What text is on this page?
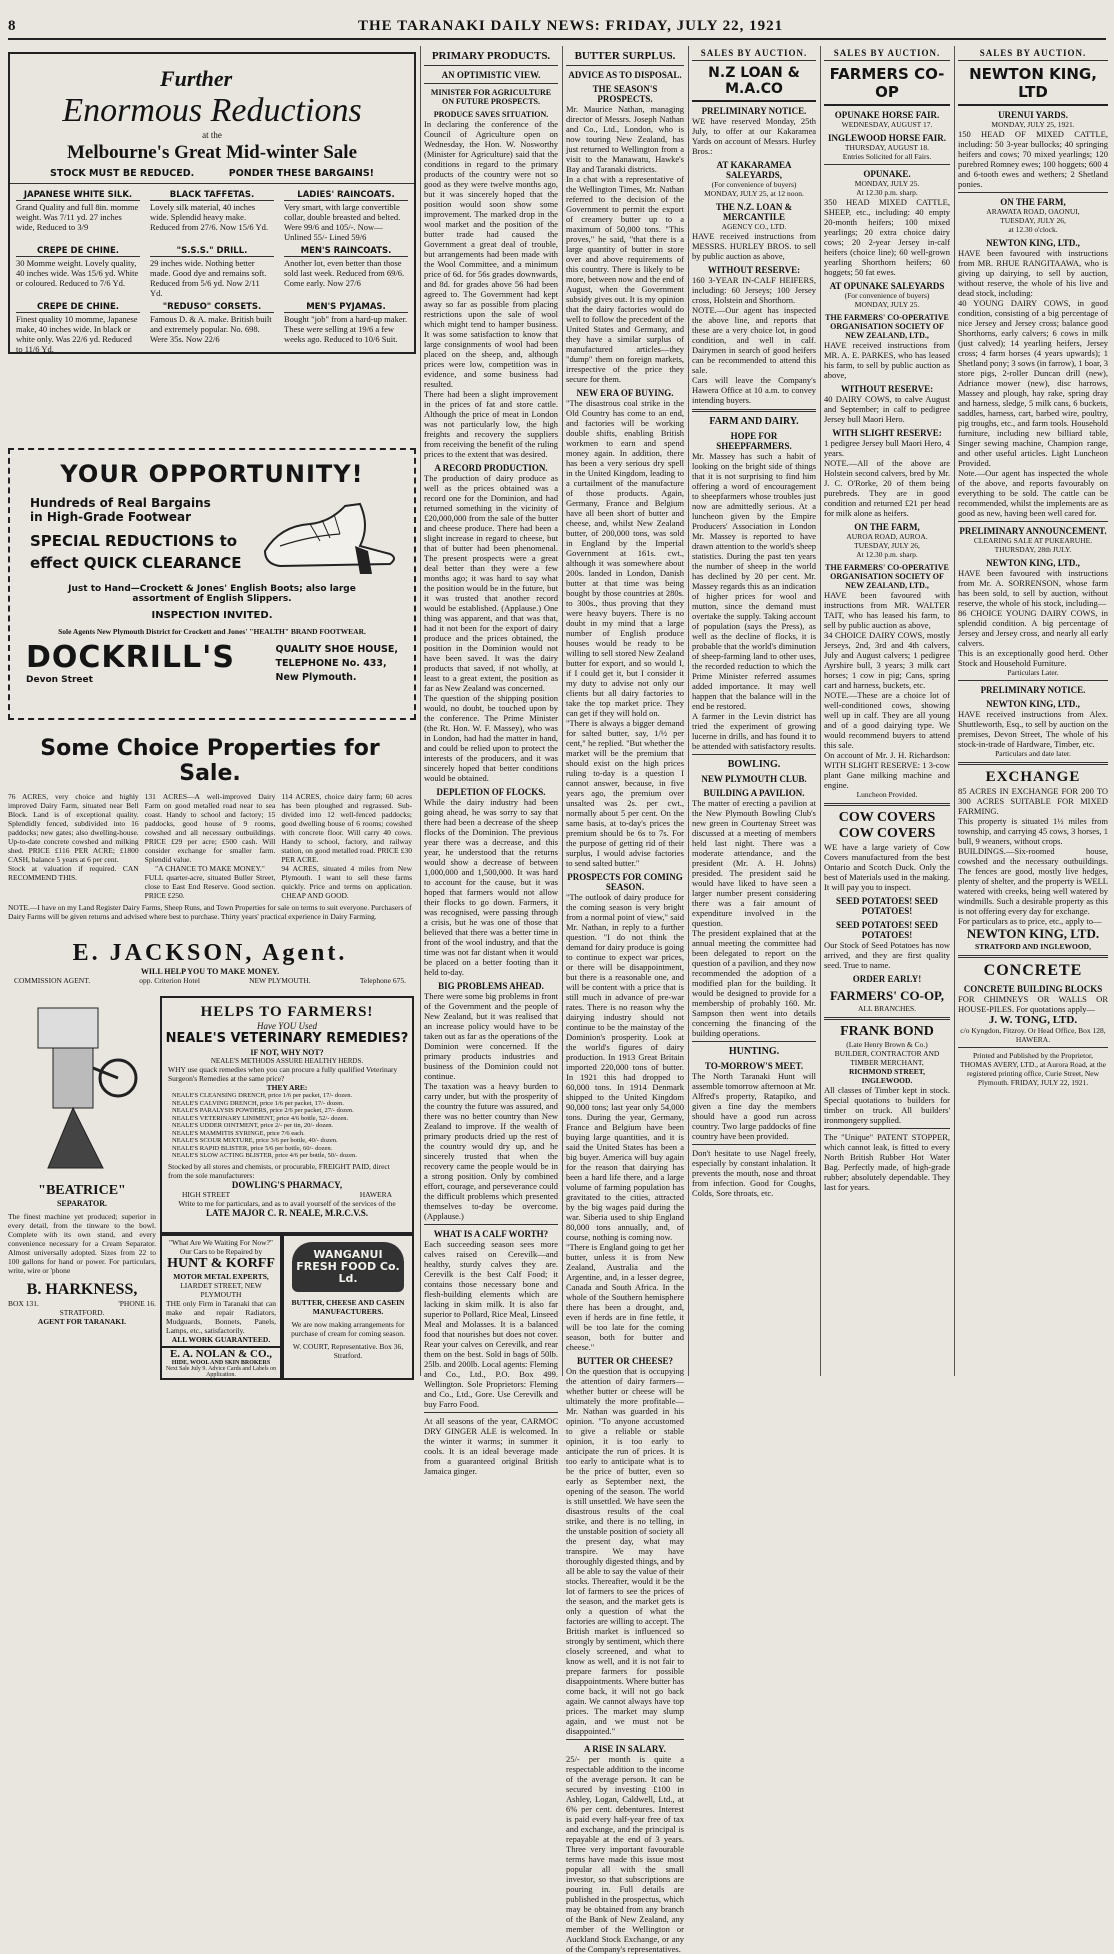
8	THE TARANAKI DAILY NEWS: FRIDAY, JULY 22, 1921
Further
Enormous Reductions
at the
Melbourne's Great Mid-winter Sale
STOCK MUST BE REDUCED.	PONDER THESE BARGAINS!
JAPANESE WHITE SILK.
Grand Quality and full 8in. momme weight. Was 7/11 yd. 27 inches wide, Reduced to 3/9
BLACK TAFFETAS.
Lovely silk material, 40 inches wide. Splendid heavy make. Reduced from 27/6. Now 15/6 Yd.
LADIES' RAINCOATS.
Very smart, with large convertible collar, double breasted and belted. Were 99/6 and 105/-. Now— Unlined 55/- Lined 59/6
CREPE DE CHINE.
30 Momme weight. Lovely quality, 40 inches wide. Was 15/6 yd. White or coloured. Reduced to 7/6 Yd.
"S.S.S." DRILL.
29 inches wide. Nothing better made. Good dye and remains soft. Reduced from 5/6 yd. Now 2/11 Yd.
MEN'S RAINCOATS.
Another lot, even better than those sold last week. Reduced from 69/6. Come early. Now 27/6
CREPE DE CHINE.
Finest quality 10 momme, Japanese make, 40 inches wide. In black or white only. Was 22/6 yd. Reduced to 11/6 Yd.
"REDUSO" CORSETS.
Famous D. & A. make. British built and extremely popular. No. 698. Were 35s. Now 22/6
MEN'S PYJAMAS.
Bought "job" from a hard-up maker. These were selling at 19/6 a few weeks ago. Reduced to 10/6 Suit.
YOUR OPPORTUNITY!
Hundreds of Real Bargains
in High-Grade Footwear
SPECIAL REDUCTIONS to
effect QUICK CLEARANCE
Just to Hand—Crockett & Jones' English Boots; also large assortment of English Slippers.
INSPECTION INVITED.
Sole Agents New Plymouth District for Crockett and Jones' "HEALTH" BRAND FOOTWEAR.
DOCKRILL'S
Devon Street
QUALITY SHOE HOUSE,
TELEPHONE No. 433,
New Plymouth.
Some Choice Properties for Sale.
76 ACRES, very choice and highly improved Dairy Farm, situated near Bell Block. Land is of exceptional quality. Splendidly fenced, subdivided into 16 paddocks; new gates; also dwelling-house. Up-to-date concrete cowshed and milking shed. PRICE £116 PER ACRE; £1800 CASH, balance 5 years at 6 per cent.
Stock at valuation if required. CAN RECOMMEND THIS.
131 ACRES—A well-improved Dairy Farm on good metalled road near to sea coast. Handy to school and factory; 15 paddocks, good house of 9 rooms, cowshed and all necessary outbuildings. PRICE £29 per acre; £500 cash. Will consider exchange for smaller farm. Splendid value.
"A CHANCE TO MAKE MONEY."
FULL quarter-acre, situated Buller Street, close to East End Reserve. Good section. PRICE £250.
114 ACRES, choice dairy farm; 60 acres has been ploughed and regrassed. Sub-divided into 12 well-fenced paddocks; good dwelling house of 6 rooms; cowshed with concrete floor. Will carry 40 cows. Handy to school, factory, and railway station, on good metalled road. PRICE £30 PER ACRE.
94 ACRES, situated 4 miles from New Plymouth. I want to sell these farms quickly. Price and terms on application. CHEAP AND GOOD.
NOTE.—I have on my Land Register Dairy Farms, Sheep Runs, and Town Properties for sale on terms to suit everyone. Purchasers of Dairy Farms will be given returns and advised where best to purchase. Thirty years' practical experience in Dairy Farming.
E. JACKSON, Agent.
WILL HELP YOU TO MAKE MONEY.
COMMISSION AGENT.	opp. Criterion Hotel	NEW PLYMOUTH.	Telephone 675.
"BEATRICE"
SEPARATOR.
The finest machine yet produced; superior in every detail, from the tinware to the bowl. Complete with its own stand, and every convenience necessary for a Cream Separator. Almost universally adopted. Sizes from 22 to 100 gallons for hand or power. For particulars, write, wire or 'phone
B. HARKNESS,
BOX 131.	'PHONE 16.
STRATFORD.
AGENT FOR TARANAKI.
HELPS TO FARMERS!
Have YOU Used
NEALE'S VETERINARY REMEDIES?
IF NOT, WHY NOT?
NEALE'S METHODS ASSURE HEALTHY HERDS.
WHY use quack remedies when you can procure a fully qualified Veterinary Surgeon's Remedies at the same price?
THEY ARE:
NEALE'S CLEANSING DRENCH, price 1/6 per packet, 17/- dozen.
NEALE'S CALVING DRENCH, price 1/6 per packet, 17/- dozen.
NEALE'S PARALYSIS POWDERS, price 2/6 per packet, 27/- dozen.
NEALE'S VETERINARY LINIMENT, price 4/6 bottle, 52/- dozen.
NEALE'S UDDER OINTMENT, price 2/- per tin, 20/- dozen.
NEALE'S MAMMITIS SYRINGE, price 7/6 each.
NEALE'S SCOUR MIXTURE, price 3/6 per bottle, 40/- dozen.
NEALE'S RAPID BLISTER, price 5/6 per bottle, 60/- dozen.
NEALE'S SLOW ACTING BLISTER, price 4/6 per bottle, 50/- dozen.
Stocked by all stores and chemists, or procurable, FREIGHT PAID, direct from the sole manufacturers:
DOWLING'S PHARMACY,
HIGH STREET	HAWERA
Write to me for particulars, and as to avail yourself of the services of the
LATE MAJOR C. R. NEALE, M.R.C.V.S.
"What Are We Waiting For Now?"
Our Cars to be Repaired by
HUNT & KORFF
MOTOR METAL EXPERTS,
LIARDET STREET, NEW PLYMOUTH
THE only Firm in Taranaki that can make and repair Radiators, Mudguards, Bonnets, Panels, Lamps, etc., satisfactorily.
ALL WORK GUARANTEED.
E. A. NOLAN & CO.,
HIDE, WOOL AND SKIN BROKERS
Next Sale July 9. Advice Cards and Labels on Application.
WANGANUI FRESH FOOD Co. Ld.
BUTTER, CHEESE AND CASEIN MANUFACTURERS.
We are now making arrangements for purchase of cream for coming season.
W. COURT, Representative. Box 36, Stratford.
PRIMARY PRODUCTS.
AN OPTIMISTIC VIEW.
MINISTER FOR AGRICULTURE ON FUTURE PROSPECTS.
PRODUCE SAVES SITUATION.
In declaring the conference of the Council of Agriculture open on Wednesday, the Hon. W. Nosworthy (Minister for Agriculture) said that the conditions in regard to the primary products of the country were not so good as they were twelve months ago, but it was sincerely hoped that the position would soon show some improvement. The marked drop in the wool market and the position of the butter trade had caused the Government a great deal of trouble, but arrangements had been made with the Wool Committee, and a minimum price of 6d. for 56s grades downwards, and 8d. for grades above 56 had been agreed to. The Government had kept away so far as possible from placing restrictions upon the sale of wool which might tend to hamper business. It was some satisfaction to know that large consignments of wool had been placed on the sheep, and, although prices were low, competition was in evidence, and some business had resulted.
There had been a slight improvement in the prices of fat and store cattle. Although the price of meat in London was not particularly low, the high freights and recovery the suppliers from receiving the benefit of the ruling prices to the extent that was desired.
A RECORD PRODUCTION.
The production of dairy produce as well as the prices obtained was a record one for the Dominion, and had returned something in the vicinity of £20,000,000 from the sale of the butter and cheese produce. There had been a slight increase in regard to cheese, but that of butter had been phenomenal. The present prospects were a great deal better than they were a few months ago; it was hard to say what the position would be in the future, but it was trusted that another record would be established. (Applause.) One thing was apparent, and that was that, had it not been for the export of dairy produce and the prices obtained, the position in the Dominion would not have been saved. It was the dairy products that saved, if not wholly, at least to a great extent, the position as far as New Zealand was concerned.
The question of the shipping position would, no doubt, be touched upon by the conference. The Prime Minister (the Rt. Hon. W. F. Massey), who was in London, had had the matter in hand, and could be relied upon to protect the interests of the producers, and it was sincerely hoped that better conditions would be obtained.
DEPLETION OF FLOCKS.
While the dairy industry had been going ahead, he was sorry to say that there had been a decrease of the sheep flocks of the Dominion. The previous year there was a decrease, and this year, he understood that the returns would show a decrease of between 1,000,000 and 1,500,000. It was hard to account for the cause, but it was hoped that farmers would not allow their flocks to go down. Farmers, it was recognised, were passing through a crisis, but he was one of those that believed that there was a better time in front of the wool industry, and that the time was not far distant when it would be placed on a better footing than it held to-day.
BIG PROBLEMS AHEAD.
There were some big problems in front of the Government and the people of New Zealand, but it was realised that an increase policy would have to be taken out as far as the operations of the Dominion were concerned. If the primary products industries and business of the Dominion could not continue.
The taxation was a heavy burden to carry under, but with the prosperity of the country the future was assured, and there was no better country than New Zealand to improve. If the wealth of primary products dried up the rest of the country would dry up, and he sincerely trusted that when the recovery came the people would be in a strong position. Only by combined effort, courage, and perseverance could the difficult problems which presented themselves to-day be overcome. (Applause.)
WHAT IS A CALF WORTH?
Each succeeding season sees more calves raised on Cerevilk—and healthy, sturdy calves they are. Cerevilk is the best Calf Food; it contains those necessary bone and flesh-building elements which are lacking in skim milk. It is also far superior to Pollard, Rice Meal, Linseed Meal and Molasses. It is a balanced food that nourishes but does not cover. Rear your calves on Cerevilk, and rear them on the best. Sold in bags of 50lb. 25lb. and 200lb. Local agents: Fleming and Co., Ltd., P.O. Box 499. Wellington. Sole Proprietors: Fleming and Co., Ltd., Gore. Use Cerevilk and buy Farro Food.
At all seasons of the year, CARMOC DRY GINGER ALE is welcomed. In the winter it warms; in summer it cools. It is an ideal beverage made from a guaranteed original British Jamaica ginger.
BUTTER SURPLUS.
ADVICE AS TO DISPOSAL.
THE SEASON'S PROSPECTS.
Mr. Maurice Nathan, managing director of Messrs. Joseph Nathan and Co., Ltd., London, who is now touring New Zealand, has just returned to Wellington from a visit to the Manawatu, Hawke's Bay and Taranaki districts.
In a chat with a representative of the Wellington Times, Mr. Nathan referred to the decision of the Government to permit the export of creamery butter up to a maximum of 50,000 tons. "This proves," he said, "that there is a large quantity of butter in store over and above requirements of this country. There is likely to be more, between now and the end of August, when the Government subsidy gives out. It is my opinion that the dairy factories would do well to follow the precedent of the United States and Germany, and they have a similar surplus of manufactured articles—they "dump" them on foreign markets, irrespective of the price they secure for them.
NEW ERA OF BUYING.
"The disastrous coal strike in the Old Country has come to an end, and factories will be working double shifts, enabling British workmen to earn and spend money again. In addition, there has been a very serious dry spell in the United Kingdom, leading to a curtailment of the manufacture of those products. Again, Germany, France and Belgium have all been short of butter and cheese, and, whilst New Zealand butter, of 200,000 tons, was sold in England by the Imperial Government at 161s. cwt., although it was somewhere about 200s. landed in London, Danish butter at that time was being bought by those countries at 280s. to 300s., thus proving that they were heavy buyers. There is no doubt in my mind that a large number of English produce houses would be ready to be willing to sell stored New Zealand butter for export, and so would I, if I could get it, but I consider it my duty to advise not only our clients but all dairy factories to take the top market price. They can get if they will hold on.
"There is always a bigger demand for salted butter, say, 1/½ per cent," he replied. "But whether the market will be the premium that should exist on the high prices ruling to-day is a question I cannot answer, because, in five years ago, the premium over unsalted was 2s. per cwt., normally about 5 per cent. On the same basis, at to-day's prices the premium should be 6s to 7s. For the purpose of getting rid of their surplus, I would advise factories to send salted butter."
PROSPECTS FOR COMING SEASON.
"The outlook of dairy produce for the coming season is very bright from a normal point of view," said Mr. Nathan, in reply to a further question. "I do not think the demand for dairy produce is going to continue to expect war prices, or there will be disappointment, but there is a reasonable one, and will be content with a price that is still much in advance of pre-war rates. There is no reason why the dairying industry should not continue to be the mainstay of the Dominion's prosperity. Look at the world's figures of dairy production. In 1913 Great Britain imported 220,000 tons of butter. In 1921 this had dropped to 60,000 tons. In 1914 Denmark shipped to the United Kingdom 90,000 tons; last year only 54,000 tons. During the year, Germany, France and Belgium have been buying large quantities, and it is said the United States has been a big buyer. America will buy again for the reason that dairying has been a hard life there, and a large volume of farming population has gravitated to the cities, attracted by the big wages paid during the war. Siberia used to ship England 80,000 tons annually, and, of course, nothing is coming now.
"There is England going to get her butter, unless it is from New Zealand, Australia and the Argentine, and, in a lesser degree, Canada and South Africa. In the whole of the Southern hemisphere there has been a drought, and, even if herds are in fine fettle, it will be too late for the coming season, both for butter and cheese."
BUTTER OR CHEESE?
On the question that is occupying the attention of dairy farmers—whether butter or cheese will be ultimately the more profitable—Mr. Nathan was guarded in his opinion. "To anyone accustomed to give a reliable or stable opinion, it is too early to anticipate the run of prices. It is too early to anticipate what is to be the price of butter, even so early as September next, the opening of the season. The world is still unsettled. We have seen the disastrous results of the coal strike, and there is no telling, in the unstable position of society all the present day, what may transpire. We may have thoroughly digested things, and by all be able to say the value of their stocks. Thereafter, would it be the lot of farmers to see the prices of the season, and the market gets is only a question of what the factories are willing to accept. The British market is influenced so strongly by sentiment, which there closely screened, and what to know as well, and it is not fair to prepare farmers for possible disappointments. Where butter has come back, it will not go back again. We cannot always have top prices. The market may slump again, and we must not be disappointed."
A RISE IN SALARY.
25/- per month is quite a respectable addition to the income of the average person. It can be secured by investing £100 in Ashley, Logan, Caldwell, Ltd., at 6% per cent. debentures. Interest is paid every half-year free of tax and exchange, and the principal is repayable at the end of 3 years. Three very important favourable terms have made this issue most popular all with the small investor, so that subscriptions are pouring in. Full details are published in the prospectus, which may be obtained from any branch of the Bank of New Zealand, any member of the Wellington or Auckland Stock Exchange, or any of the Company's representatives.
SALES BY AUCTION.
N.Z LOAN & M.A.CO
PRELIMINARY NOTICE.
WE have reserved Monday, 25th July, to offer at our Kakaramea Yards on account of Messrs. Hurley Bros.:
AT KAKARAMEA SALEYARDS,
(For convenience of buyers)
MONDAY, JULY 25, at 12 noon.
THE N.Z. LOAN & MERCANTILE
AGENCY CO., LTD.
HAVE received instructions from MESSRS. HURLEY BROS. to sell by public auction as above,
WITHOUT RESERVE:
160 3-YEAR IN-CALF HEIFERS, including: 60 Jerseys; 100 Jersey cross, Holstein and Shorthorn.
NOTE.—Our agent has inspected the above line, and reports that these are a very choice lot, in good condition, and well in calf. Dairymen in search of good heifers can be recommended to attend this sale.
Cars will leave the Company's Hawera Office at 10 a.m. to convey intending buyers.
FARM AND DAIRY.
HOPE FOR SHEEPFARMERS.
Mr. Massey has such a habit of looking on the bright side of things that it is not surprising to find him offering a word of encouragement to sheepfarmers whose troubles just now are admittedly serious. At a luncheon given by the Empire Producers' Association in London Mr. Massey is reported to have drawn attention to the world's sheep statistics. During the past ten years the number of sheep in the world has declined by 20 per cent. Mr. Massey regards this as an indication of higher prices for wool and mutton, since the demand must overtake the supply. Taking account of population (says the Press), as well as the decline of flocks, it is probable that the world's diminution of sheep-farming land to other uses, the recorded reduction to which the Prime Minister referred assumes added importance. It may well happen that the balance will in the end be restored.
A farmer in the Levin district has tried the experiment of growing lucerne in drills, and has found it to be attended with satisfactory results.
BOWLING.
NEW PLYMOUTH CLUB.
BUILDING A PAVILION.
The matter of erecting a pavilion at the New Plymouth Bowling Club's new green in Courtenay Street was discussed at a meeting of members held last night. There was a moderate attendance, and the president (Mr. A. H. Johns) presided. The president said he would have liked to have seen a larger number present considering there was a fair amount of expenditure involved in the question.
The president explained that at the annual meeting the committee had been delegated to report on the question of a pavilion, and they now recommended the adoption of a modified plan for the building. It would be designed to provide for a membership of probably 160. Mr. Sampson then went into details concerning the financing of the building operations.
HUNTING.
TO-MORROW'S MEET.
The North Taranaki Hunt will assemble tomorrow afternoon at Mr. Alfred's property, Ratapiko, and given a fine day the members should have a good run across country. Two large paddocks of fine country have been provided.
Don't hesitate to use Nagel freely, especially by constant inhalation. It prevents the mouth, nose and throat from infection. Good for Coughs, Colds, Sore throats, etc.
SALES BY AUCTION.
FARMERS CO-OP
OPUNAKE HORSE FAIR.
WEDNESDAY, AUGUST 17.
INGLEWOOD HORSE FAIR.
THURSDAY, AUGUST 18.
Entries Solicited for all Fairs.
OPUNAKE.
MONDAY, JULY 25.
At 12.30 p.m. sharp.
350 HEAD MIXED CATTLE, SHEEP, etc., including: 40 empty 20-month heifers; 100 mixed yearlings; 20 extra choice dairy cows; 20 2-year Jersey in-calf heifers (choice line); 60 well-grown yearling Shorthorn heifers; 60 hoggets; 50 fat ewes.
AT OPUNAKE SALEYARDS
(For convenience of buyers)
MONDAY, JULY 25.
THE FARMERS' CO-OPERATIVE ORGANISATION SOCIETY OF NEW ZEALAND, LTD.,
HAVE received instructions from MR. A. E. PARKES, who has leased his farm, to sell by public auction as above,
WITHOUT RESERVE:
40 DAIRY COWS, to calve August and September; in calf to pedigree Jersey bull Maori Hero.
WITH SLIGHT RESERVE:
1 pedigree Jersey bull Maori Hero, 4 years.
NOTE.—All of the above are Holstein second calvers, bred by Mr. J. C. O'Rorke, 20 of them being purebreds. They are in good condition and returned £21 per head for milk alone as heifers.
ON THE FARM,
AUROA ROAD, AUROA.
TUESDAY, JULY 26,
At 12.30 p.m. sharp.
THE FARMERS' CO-OPERATIVE ORGANISATION SOCIETY OF NEW ZEALAND, LTD.,
HAVE been favoured with instructions from MR. WALTER TAIT, who has leased his farm, to sell by public auction as above,
34 CHOICE DAIRY COWS, mostly Jerseys, 2nd, 3rd and 4th calvers, July and August calvers; 1 pedigree Ayrshire bull, 3 years; 3 milk cart horses; 1 cow in pig; Cans, spring cart and harness, buckets, etc.
NOTE.—These are a choice lot of well-conditioned cows, showing well up in calf. They are all young and of a good dairying type. We would recommend buyers to attend this sale.
On account of Mr. J. H. Richardson: WITH SLIGHT RESERVE: 1 3-cow plant Gane milking machine and engine.
Luncheon Provided.
COW COVERS
COW COVERS
WE have a large variety of Cow Covers manufactured from the best Ontario and Scotch Duck. Only the best of Materials used in the making. It will pay you to inspect.
SEED POTATOES! SEED POTATOES!
SEED POTATOES! SEED POTATOES!
Our Stock of Seed Potatoes has now arrived, and they are first quality seed. True to name.
ORDER EARLY!
FARMERS' CO-OP,
ALL BRANCHES.
FRANK BOND
(Late Henry Brown & Co.)
BUILDER, CONTRACTOR AND TIMBER MERCHANT,
RICHMOND STREET, INGLEWOOD.
All classes of Timber kept in stock. Special quotations to builders for timber on truck. All builders' ironmongery supplied.
The "Unique" PATENT STOPPER, which cannot leak, is fitted to every North British Rubber Hot Water Bag. Perfectly made, of high-grade rubber; absolutely dependable. They last for years.
SALES BY AUCTION.
NEWTON KING, LTD
URENUI YARDS.
MONDAY, JULY 25, 1921.
150 HEAD OF MIXED CATTLE, including: 50 3-year bullocks; 40 springing heifers and cows; 70 mixed yearlings; 120 purebred Romney ewes; 100 hoggets; 600 4 and 6-tooth ewes and wethers; 2 Shetland ponies.
ON THE FARM,
ARAWATA ROAD, OAONUI,
TUESDAY, JULY 26,
at 12.30 o'clock.
NEWTON KING, LTD.,
HAVE been favoured with instructions from MR. RHUE RANGITAAWA, who is giving up dairying, to sell by auction, without reserve, the whole of his live and dead stock, including:
40 YOUNG DAIRY COWS, in good condition, consisting of a big percentage of nice Jersey and Jersey cross; balance good Shorthorns, early calvers; 6 cows in milk (just calved); 14 yearling heifers, Jersey cross; 4 farm horses (4 years upwards); 1 Shetland pony; 3 sows (in farrow), 1 boar, 3 store pigs, 2-roller Duncan drill (new), Adriance mower (new), disc harrows, Massey and plough, hay rake, spring dray and harness, sledge, 5 milk cans, 6 buckets, saddles, harness, cart, barbed wire, poultry, pig troughs, etc., and farm tools. Household furniture, including new billiard table, Singer sewing machine, Champion range, and other useful articles. Light Luncheon Provided.
Note.—Our agent has inspected the whole of the above, and reports favourably on everything to be sold. The cattle can be recommended, whilst the implements are as good as new, having been well cared for.
PRELIMINARY ANNOUNCEMENT.
CLEARING SALE AT PUKEARUHE. THURSDAY, 28th JULY.
NEWTON KING, LTD.,
HAVE been favoured with instructions from Mr. A. SORRENSON, whose farm has been sold, to sell by auction, without reserve, the whole of his stock, including—
86 CHOICE YOUNG DAIRY COWS, in splendid condition. A big percentage of Jersey and Jersey cross, and nearly all early calvers.
This is an exceptionally good herd. Other Stock and Household Furniture.
Particulars Later.
PRELIMINARY NOTICE.
NEWTON KING, LTD.,
HAVE received instructions from Alex. Shuttleworth, Esq., to sell by auction on the premises, Devon Street, The whole of his stock-in-trade of Hardware, Timber, etc.
Particulars and date later.
EXCHANGE
85 ACRES IN EXCHANGE FOR 200 TO 300 ACRES SUITABLE FOR MIXED FARMING.
This property is situated 1½ miles from township, and carrying 45 cows, 3 horses, 1 bull, 9 weaners, without crops.
BUILDINGS.—Six-roomed house, cowshed and the necessary outbuildings. The fences are good, mostly live hedges, plenty of shelter, and the property is WELL watered with creeks, being well watered by windmills. Such a desirable property as this is not offering every day for exchange.
For particulars as to price, etc., apply to—
NEWTON KING, LTD.
STRATFORD AND INGLEWOOD,
CONCRETE
CONCRETE BUILDING BLOCKS
FOR CHIMNEYS OR WALLS OR HOUSE-PILES. For quotations apply—
J. W. TONG, LTD.
c/o Kyngdon, Fitzroy. Or Head Office, Box 128, HAWERA.
Printed and Published by the Proprietor, THOMAS AVERY, LTD., at Aurora Road, at the registered printing office, Curie Street, New Plymouth. FRIDAY, JULY 22, 1921.
